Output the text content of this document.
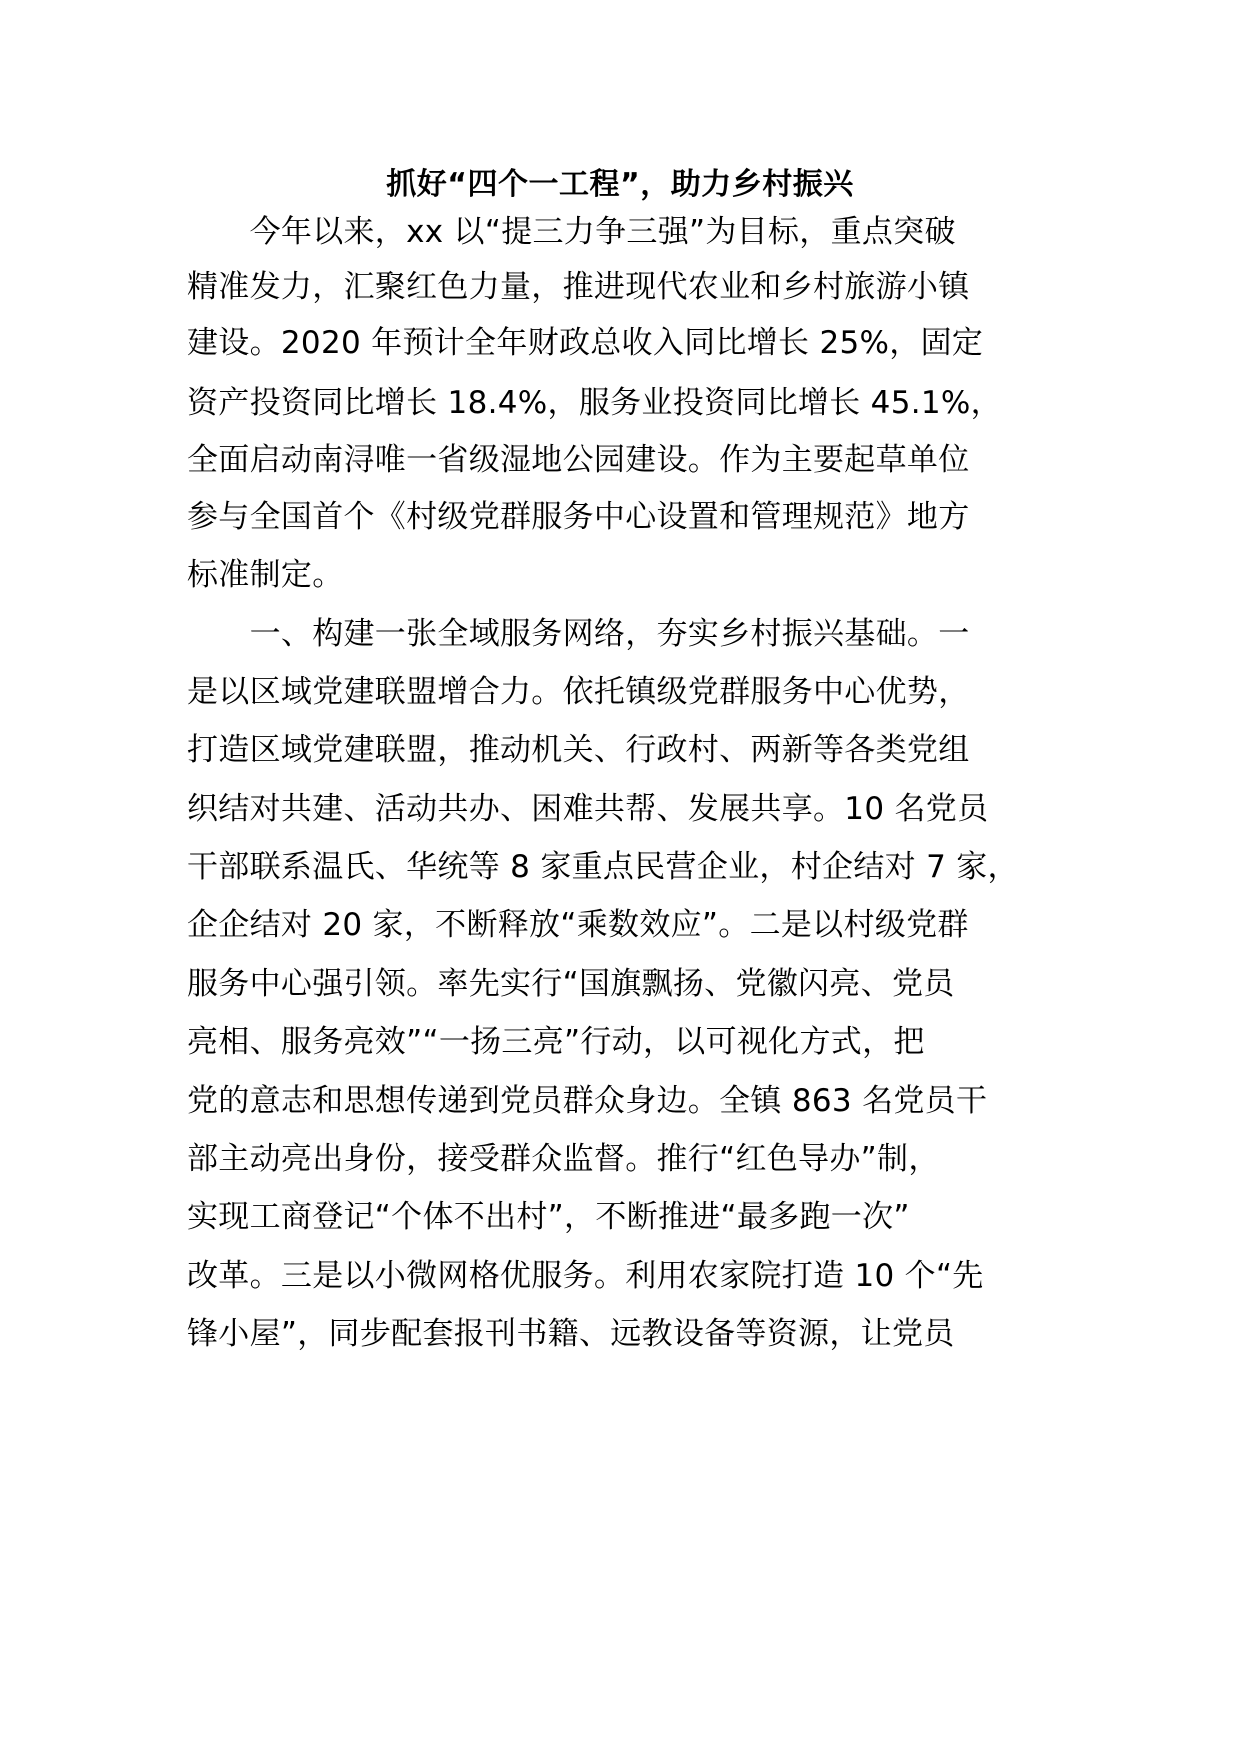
抓好“四个一工程”，助力乡村振兴

　　今年以来，xx 以“提三力争三强”为目标，重点突破

精准发力，汇聚红色力量，推进现代农业和乡村旅游小镇

建设。2020 年预计全年财政总收入同比增长 25%，固定

资产投资同比增长 18.4%，服务业投资同比增长 45.1%，

全面启动南浔唯一省级湿地公园建设。作为主要起草单位

参与全国首个《村级党群服务中心设置和管理规范》地方

标准制定。

　　一、构建一张全域服务网络，夯实乡村振兴基础。一

是以区域党建联盟增合力。依托镇级党群服务中心优势，

打造区域党建联盟，推动机关、行政村、两新等各类党组

织结对共建、活动共办、困难共帮、发展共享。10 名党员

干部联系温氏、华统等 8 家重点民营企业，村企结对 7 家，

企企结对 20 家，不断释放“乘数效应”。二是以村级党群

服务中心强引领。率先实行“国旗飘扬、党徽闪亮、党员

亮相、服务亮效”“一扬三亮”行动，以可视化方式，把

党的意志和思想传递到党员群众身边。全镇 863 名党员干

部主动亮出身份，接受群众监督。推行“红色导办”制，

实现工商登记“个体不出村”，不断推进“最多跑一次”

改革。三是以小微网格优服务。利用农家院打造 10 个“先

锋小屋”，同步配套报刊书籍、远教设备等资源，让党员
